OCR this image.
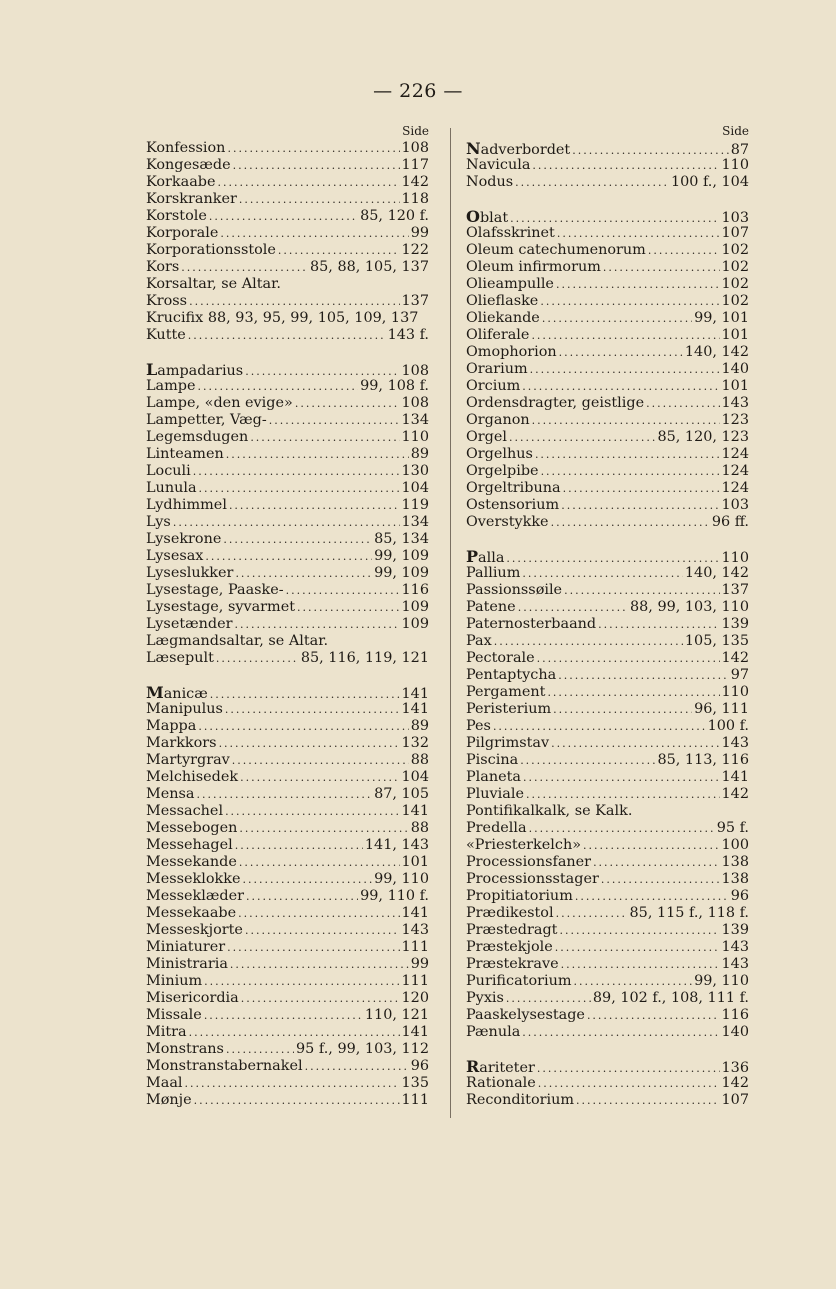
— 226 —
Side
Konfession .....	108
Kongesæde .....	117
Korkaabe .....	142
Korskranker .....	118
Korstole .....	85, 120 f.
Korporale .....	99
Korporationsstole .....	122
Kors .....	85, 88, 105, 137
Korsaltar, se Altar.
Kross .....	137
Krucifix 88, 93, 95, 99, 105, 109, 137
Kutte .....	143 f.
Lampadarius .....	108
Lampe .....	99, 108 f.
Lampe, «den evige» .....	108
Lampetter, Væg- .....	134
Legemsdugen .....	110
Linteamen .....	89
Loculi .....	130
Lunula .....	104
Lydhimmel .....	119
Lys .....	134
Lysekrone .....	85, 134
Lysesax .....	99, 109
Lyseslukker .....	99, 109
Lysestage, Paaske- .....	116
Lysestage, syvarmet .....	109
Lysetænder .....	109
Lægmandsaltar, se Altar.
Læsepult .....	85, 116, 119, 121
Manicæ .....	141
Manipulus .....	141
Mappa .....	89
Markkors .....	132
Martyrgrav .....	88
Melchisedek .....	104
Mensa .....	87, 105
Messachel .....	141
Messebogen .....	88
Messehagel .....	141, 143
Messekande .....	101
Messeklokke .....	99, 110
Messeklæder .....	99, 110 f.
Messekaabe .....	141
Messeskjorte .....	143
Miniaturer .....	111
Ministraria .....	99
Minium .....	111
Misericordia .....	120
Missale .....	110, 121
Mitra .....	141
Monstrans .....	95 f., 99, 103, 112
Monstranstabernakel .....	96
Maal .....	135
Mønje .....	111
Side
Nadverbordet .....	87
Navicula .....	110
Nodus .....	100 f., 104
Oblat .....	103
Olafsskrinet .....	107
Oleum catechumenorum .....	102
Oleum infirmorum .....	102
Olieampulle .....	102
Olieflaske .....	102
Oliekande .....	99, 101
Oliferale .....	101
Omophorion .....	140, 142
Orarium .....	140
Orcium .....	101
Ordensdragter, geistlige .....	143
Organon .....	123
Orgel .....	85, 120, 123
Orgelhus .....	124
Orgelpibe .....	124
Orgeltribuna .....	124
Ostensorium .....	103
Overstykke .....	96 ff.
Palla .....	110
Pallium .....	140, 142
Passionssøile .....	137
Patene .....	88, 99, 103, 110
Paternosterbaand .....	139
Pax .....	105, 135
Pectorale .....	142
Pentaptycha .....	97
Pergament .....	110
Peristerium .....	96, 111
Pes .....	100 f.
Pilgrimstav .....	143
Piscina .....	85, 113, 116
Planeta .....	141
Pluviale .....	142
Pontifikalkalk, se Kalk.
Predella .....	95 f.
«Priesterkelch» .....	100
Processionsfaner .....	138
Processionsstager .....	138
Propitiatorium .....	96
Prædikestol .....	85, 115 f., 118 f.
Præstedragt .....	139
Præstekjole .....	143
Præstekrave .....	143
Purificatorium .....	99, 110
Pyxis .....	89, 102 f., 108, 111 f.
Paaskelysestage .....	116
Pænula .....	140
Rariteter .....	136
Rationale .....	142
Reconditorium .....	107
